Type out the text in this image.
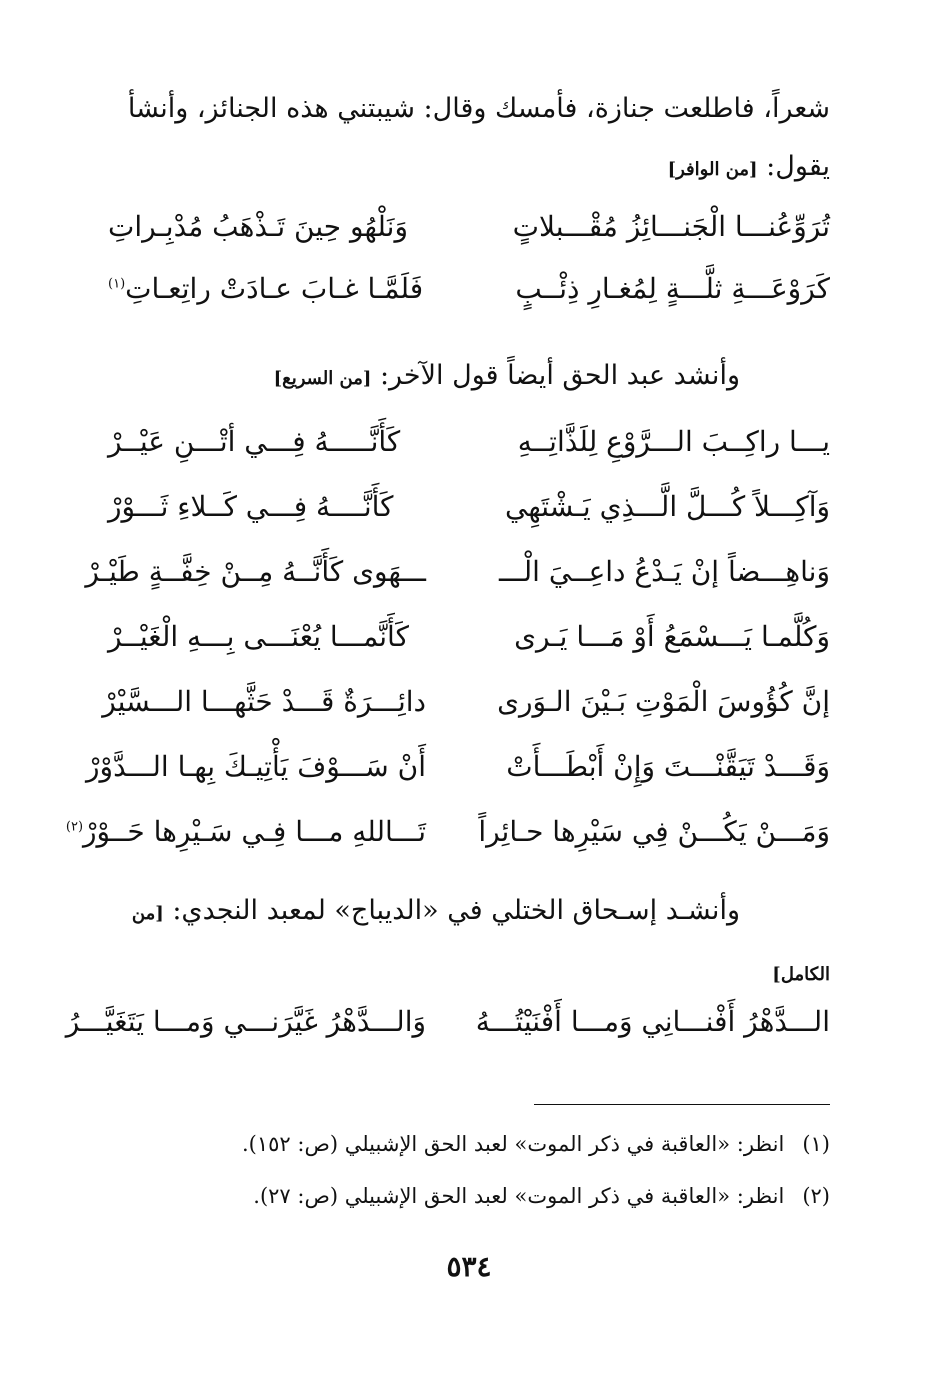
شعراً، فاطلعت جنازة، فأمسك وقال: شيبتني هذه الجنائز، وأنشأ
يقول: [من الوافر]
تُرَوِّعُنـــا الْجَنـــائِزُ مُقْـــبلاتٍ
وَنَلْهُو حِينَ تَـذْهَبُ مُدْبِـراتِ
كَرَوْعَـــةِ ثلَّـــةٍ لِمُغـارِ ذِئْــبٍ
فَلَمَّـا غـابَ عـادَتْ راتِعـاتِ$^{(١)}$
وأنشد عبد الحق أيضاً قول الآخر: [من السريع]
يـــا راكِــبَ الـــرَّوْعِ لِلَذَّاتِــهِ
كَأَنَّـــــهُ فِـــي أتْـــنِ عَيْــرْ
وَآكِـــلاً كُـــلَّ الَّـــذِي يَـشْتَهِي
كَأَنَّــــهُ فِـــي كَــلاءِ ثَـــوْرْ
وَناهِـــضاً إنْ يَـدْعُ داعِــيَ الْـــ
ـــهَوى كَأَنَّــهُ مِــنْ خِفَّــةٍ طَيْـرْ
وَكُلَّمـا يَـــسْمَعُ أَوْ مَـــا يَـرى
كَأَنَّمـــا يُعْنَـــى بِـــهِ الْغَيْــرْ
إنَّ كُؤُوسَ الْمَوْتِ بَـيْنَ الـوَرى
دائِـــرَةٌ قَـــدْ حَثَّهـــا الـــسَّيْرْ
وَقَـــدْ تَيَقَّنْـــتَ وَإِنْ أَبْطَـــأَتْ
أَنْ سَـــوْفَ يَأْتِيـكَ بِهـا الـــدَّوْرْ
وَمَـــنْ يَكُـــنْ فِي سَيْرِها حـائِراً
تَـــاللهِ مـــا فِـي سَـيْرِها حَــوْرْ$^{(٢)}$
وأنشـد إسـحاق الختلي في «الديباج» لمعبد النجدي: [من
الكامل]
الـــدَّهْرُ أَفْنـــانِي وَمـــا أَفْنَيْتُـــهُ
وَالـــدَّهْرُ غَيَّرَنـــي وَمـــا يَتَغَيَّـــرُ
(١)انظر: «العاقبة في ذكر الموت» لعبد الحق الإشبيلي (ص: ١٥٢).
(٢)انظر: «العاقبة في ذكر الموت» لعبد الحق الإشبيلي (ص: ٢٧).
٥٣٤
